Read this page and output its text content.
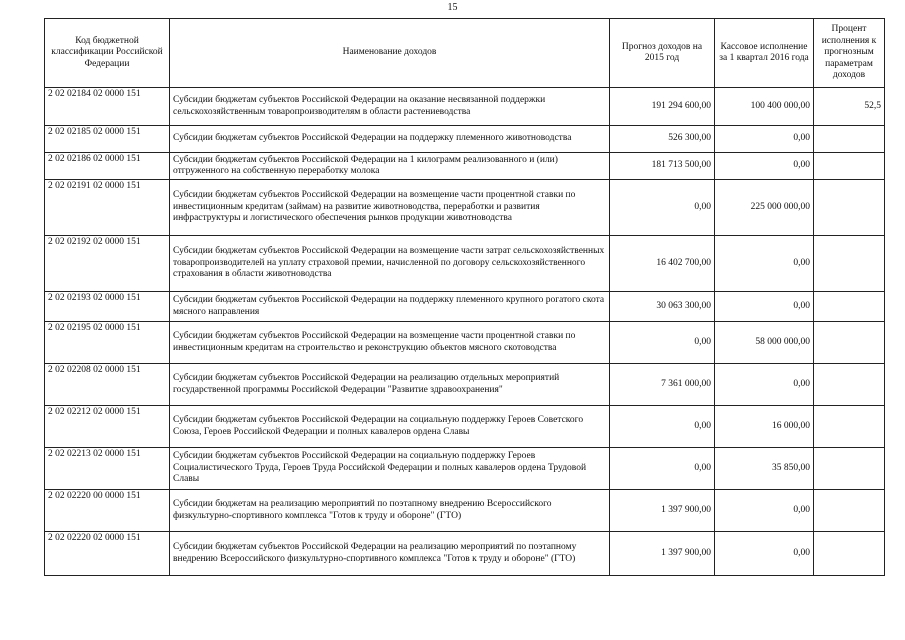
15
Код бюджетной классификации Российской Федерации	Наименование доходов	Прогноз доходов на 2015 год	Кассовое исполнение за 1 квартал 2016 года	Процент исполнения к прогнозным параметрам доходов
2 02 02184 02 0000 151	Субсидии бюджетам субъектов Российской Федерации на оказание несвязанной поддержки сельскохозяйственным товаропроизводителям в области растениеводства	191 294 600,00	100 400 000,00	52,5
2 02 02185 02 0000 151	Субсидии бюджетам субъектов Российской Федерации на поддержку племенного животноводства	526 300,00	0,00	
2 02 02186 02 0000 151	Субсидии бюджетам субъектов Российской Федерации на 1 килограмм реализованного и (или) отгруженного на собственную переработку молока	181 713 500,00	0,00	
2 02 02191 02 0000 151	Субсидии бюджетам субъектов Российской Федерации на возмещение части процентной ставки по инвестиционным кредитам (займам) на развитие животноводства, переработки и развития инфраструктуры и логистического обеспечения рынков продукции животноводства	0,00	225 000 000,00	
2 02 02192 02 0000 151	Субсидии бюджетам субъектов Российской Федерации на возмещение части затрат сельскохозяйственных товаропроизводителей на уплату страховой премии, начисленной по договору сельскохозяйственного страхования в области животноводства	16 402 700,00	0,00	
2 02 02193 02 0000 151	Субсидии бюджетам субъектов Российской Федерации на поддержку племенного крупного рогатого скота мясного направления	30 063 300,00	0,00	
2 02 02195 02 0000 151	Субсидии бюджетам субъектов Российской Федерации на возмещение части процентной ставки по инвестиционным кредитам на строительство и реконструкцию объектов мясного скотоводства	0,00	58 000 000,00	
2 02 02208 02 0000 151	Субсидии бюджетам субъектов Российской Федерации на реализацию отдельных мероприятий государственной программы Российской Федерации "Развитие здравоохранения"	7 361 000,00	0,00	
2 02 02212 02 0000 151	Субсидии бюджетам субъектов Российской Федерации на социальную поддержку Героев Советского Союза, Героев Российской Федерации и полных кавалеров ордена Славы	0,00	16 000,00	
2 02 02213 02 0000 151	Субсидии бюджетам субъектов Российской Федерации на социальную поддержку Героев Социалистического Труда, Героев Труда Российской Федерации и полных кавалеров ордена Трудовой Славы	0,00	35 850,00	
2 02 02220 00 0000 151	Субсидии бюджетам на реализацию мероприятий по поэтапному внедрению Всероссийского физкультурно-спортивного комплекса "Готов к труду и обороне" (ГТО)	1 397 900,00	0,00	
2 02 02220 02 0000 151	Субсидии бюджетам субъектов Российской Федерации на реализацию мероприятий по поэтапному внедрению Всероссийского физкультурно-спортивного комплекса "Готов к труду и обороне" (ГТО)	1 397 900,00	0,00	
